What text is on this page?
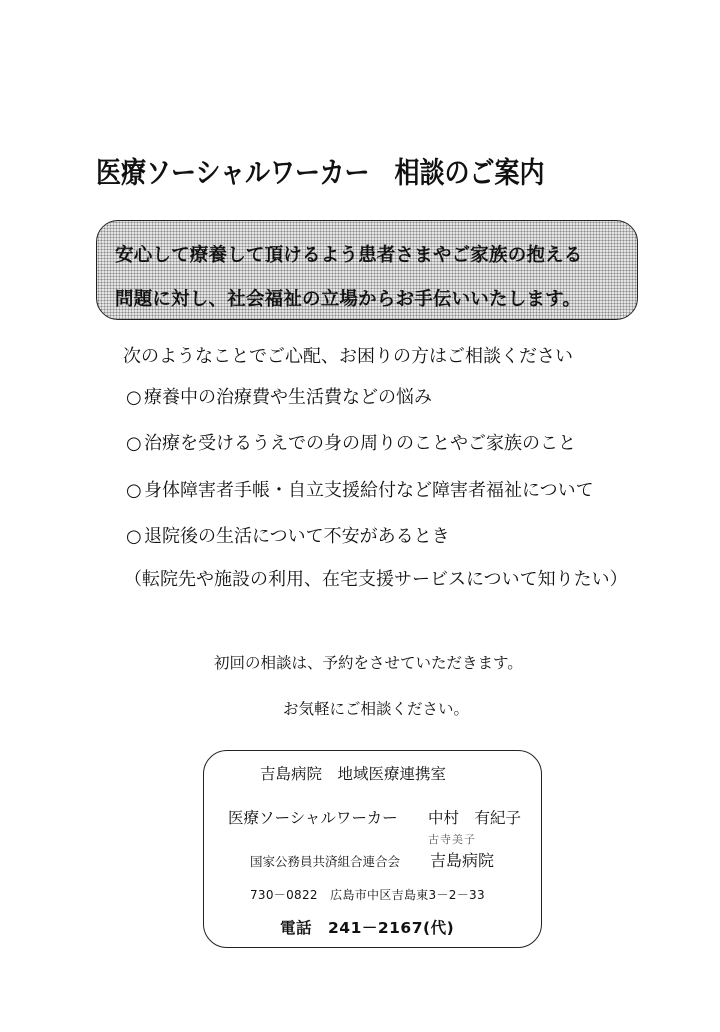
医療ソーシャルワーカー　相談のご案内
安心して療養して頂けるよう患者さまやご家族の抱える
問題に対し、社会福祉の立場からお手伝いいたします。
次のようなことでご心配、お困りの方はご相談ください
○ 療養中の治療費や生活費などの悩み
○ 治療を受けるうえでの身の周りのことやご家族のこと
○ 身体障害者手帳・自立支援給付など障害者福祉について
○ 退院後の生活について不安があるとき
（転院先や施設の利用、在宅支援サービスについて知りたい）
初回の相談は、予約をさせていただきます。
お気軽にご相談ください。
吉島病院　地域医療連携室
医療ソーシャルワーカー 中村　有紀子
古寺美子
国家公務員共済組合連合会 吉島病院
730－0822　広島市中区吉島東3－2－33
電話　241－2167(代)
